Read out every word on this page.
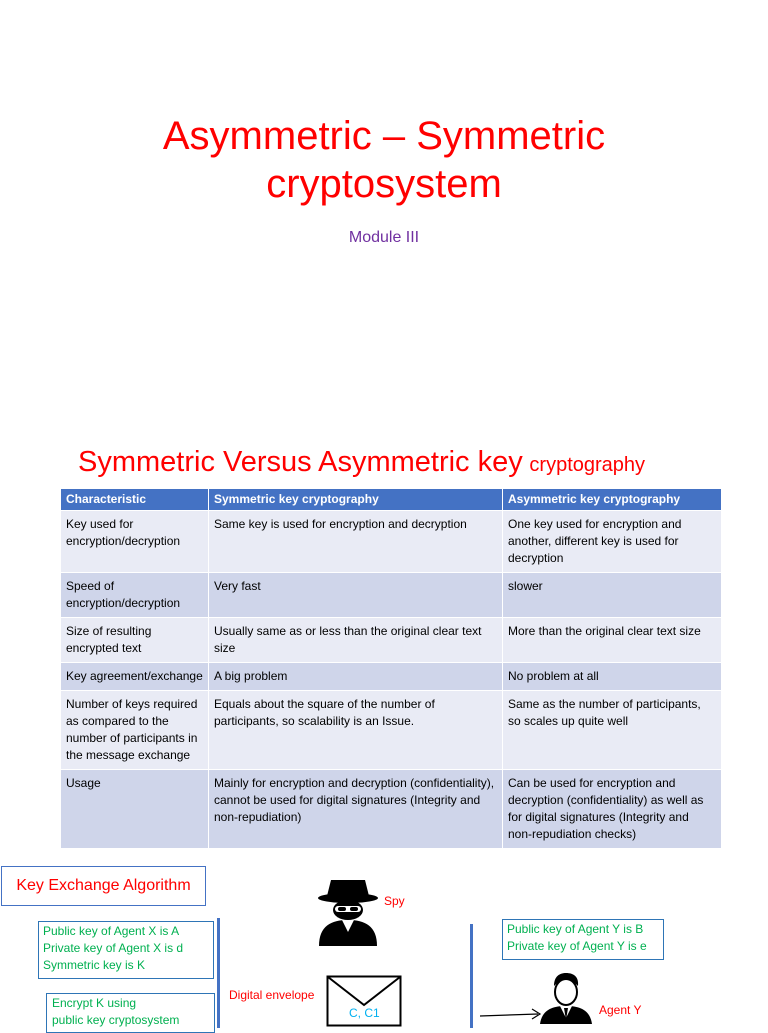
Asymmetric – Symmetric
cryptosystem
Module III
Symmetric Versus Asymmetric key cryptography
Characteristic	Symmetric key cryptography	Asymmetric key cryptography
Key used for encryption/decryption	Same key is used for encryption and decryption	One key used for encryption and another, different key is used for decryption
Speed of encryption/decryption	Very fast	slower
Size of resulting encrypted text	Usually same as or less than the original clear text size	More than the original clear text size
Key agreement/exchange	A big problem	No problem at all
Number of keys required as compared to the number of participants in the message exchange	Equals about the square of the number of participants, so scalability is an Issue.	Same as the number of participants, so scales up quite well
Usage	Mainly for encryption and decryption (confidentiality), cannot be used for digital signatures (Integrity and non-repudiation)	Can be used for encryption and decryption (confidentiality) as well as for digital signatures (Integrity and non-repudiation checks)
Key Exchange Algorithm
Public key of Agent X is A
Private key of Agent X is d
Symmetric key is K
Encrypt K using
public key cryptosystem
Public key of Agent Y is B
Private key of Agent Y is e
Spy
Digital envelope
C, C1	Agent Y
